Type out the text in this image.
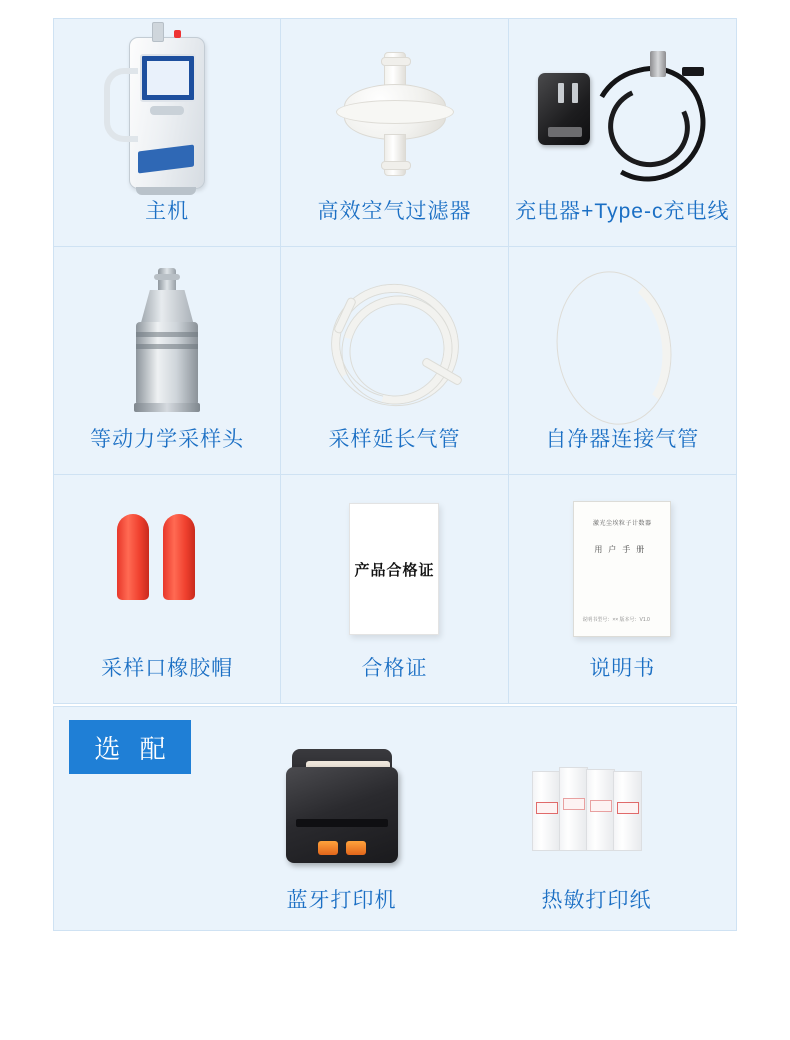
主机	高效空气过滤器 充电器+Type-c充电线
等动力学采样头	采样延长气管	自净器连接气管
采样口橡胶帽
产品合格证
合格证
激光尘埃粒子计数器
用户手册
说明书型号：×× 版本号：V1.0
说明书
选 配
蓝牙打印机	热敏打印纸
